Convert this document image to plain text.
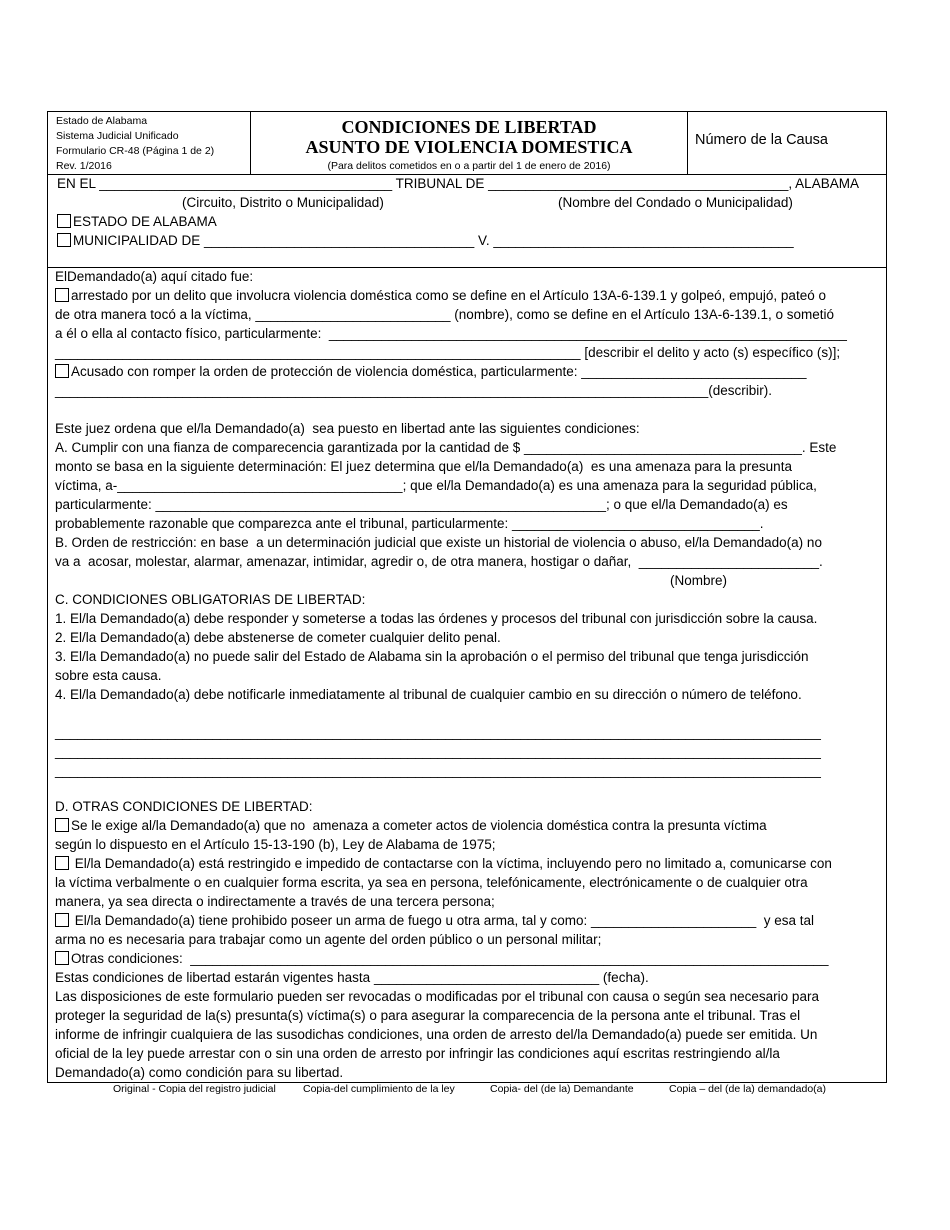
Estado de Alabama
Sistema Judicial Unificado
Formulario CR-48 (Página 1 de 2)
Rev. 1/2016
CONDICIONES DE LIBERTAD
ASUNTO DE VIOLENCIA DOMESTICA
(Para delitos cometidos en o a partir del 1 de enero de 2016)
Número de la Causa
EN EL _______________________________________ TRIBUNAL DE ________________________________________, ALABAMA
(Circuito, Distrito o Municipalidad)	(Nombre del Condado o Municipalidad)
ESTADO DE ALABAMA
MUNICIPALIDAD DE ____________________________________ V. ________________________________________
ElDemandado(a) aquí citado fue:
arrestado por un delito que involucra violencia doméstica como se define en el Artículo 13A-6-139.1 y golpeó, empujó, pateó o
de otra manera tocó a la víctima, __________________________ (nombre), como se define en el Artículo 13A-6-139.1, o sometió
a él o ella al contacto físico, particularmente:  _____________________________________________________________________
______________________________________________________________________ [describir el delito y acto (s) específico (s)];
Acusado con romper la orden de protección de violencia doméstica, particularmente: ______________________________
_______________________________________________________________________________________(describir).
Este juez ordena que el/la Demandado(a)  sea puesto en libertad ante las siguientes condiciones:
A. Cumplir con una fianza de comparecencia garantizada por la cantidad de $ _____________________________________. Este
monto se basa en la siguiente determinación: El juez determina que el/la Demandado(a)  es una amenaza para la presunta
víctima, a-______________________________________; que el/la Demandado(a) es una amenaza para la seguridad pública,
particularmente: ____________________________________________________________; o que el/la Demandado(a) es
probablemente razonable que comparezca ante el tribunal, particularmente: _________________________________.
B. Orden de restricción: en base  a un determinación judicial que existe un historial de violencia o abuso, el/la Demandado(a) no
va a  acosar, molestar, alarmar, amenazar, intimidar, agredir o, de otra manera, hostigar o dañar,  ________________________.
(Nombre)
C. CONDICIONES OBLIGATORIAS DE LIBERTAD:
1. El/la Demandado(a) debe responder y someterse a todas las órdenes y procesos del tribunal con jurisdicción sobre la causa.
2. El/la Demandado(a) debe abstenerse de cometer cualquier delito penal.
3. El/la Demandado(a) no puede salir del Estado de Alabama sin la aprobación o el permiso del tribunal que tenga jurisdicción
sobre esta causa.
4. El/la Demandado(a) debe notificarle inmediatamente al tribunal de cualquier cambio en su dirección o número de teléfono.
______________________________________________________________________________________________________
______________________________________________________________________________________________________
______________________________________________________________________________________________________
D. OTRAS CONDICIONES DE LIBERTAD:
Se le exige al/la Demandado(a) que no  amenaza a cometer actos de violencia doméstica contra la presunta víctima
según lo dispuesto en el Artículo 15-13-190 (b), Ley de Alabama de 1975;
El/la Demandado(a) está restringido e impedido de contactarse con la víctima, incluyendo pero no limitado a, comunicarse con
la víctima verbalmente o en cualquier forma escrita, ya sea en persona, telefónicamente, electrónicamente o de cualquier otra
manera, ya sea directa o indirectamente a través de una tercera persona;
El/la Demandado(a) tiene prohibido poseer un arma de fuego u otra arma, tal y como: ______________________  y esa tal
arma no es necesaria para trabajar como un agente del orden público o un personal militar;
Otras condiciones:  _____________________________________________________________________________________
Estas condiciones de libertad estarán vigentes hasta ______________________________ (fecha).
Las disposiciones de este formulario pueden ser revocadas o modificadas por el tribunal con causa o según sea necesario para
proteger la seguridad de la(s) presunta(s) víctima(s) o para asegurar la comparecencia de la persona ante el tribunal. Tras el
informe de infringir cualquiera de las susodichas condiciones, una orden de arresto del/la Demandado(a) puede ser emitida. Un
oficial de la ley puede arrestar con o sin una orden de arresto por infringir las condiciones aquí escritas restringiendo al/la
Demandado(a) como condición para su libertad.
Original - Copia del registro judicial	Copia-del cumplimiento de la ley	Copia- del (de la) Demandante	Copia – del (de la) demandado(a)
